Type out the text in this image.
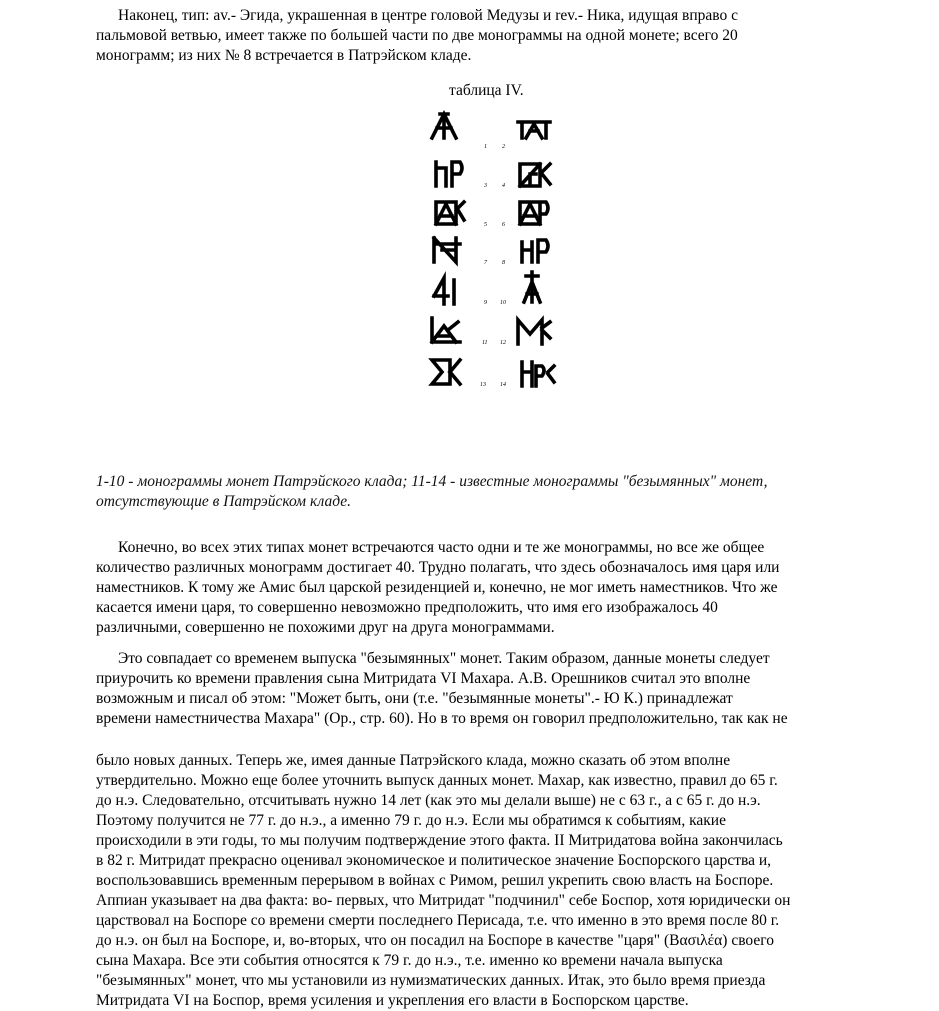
Наконец, тип: av.- Эгида, украшенная в центре головой Медузы и rev.- Ника, идущая вправо с
пальмовой ветвью, имеет также по большей части по две монограммы на одной монете; всего 20
монограмм; из них № 8 встречается в Патрэйском кладе.
таблица IV.
1	2
3	4
5	6
7	8
9 10
11 12
13 14
1-10 - монограммы монет Патрэйского клада; 11-14 - известные монограммы "безымянных" монет,
отсутствующие в Патрэйском кладе.
Конечно, во всех этих типах монет встречаются часто одни и те же монограммы, но все же общее
количество различных монограмм достигает 40. Трудно полагать, что здесь обозначалось имя царя или
наместников. К тому же Амис был царской резиденцией и, конечно, не мог иметь наместников. Что же
касается имени царя, то совершенно невозможно предположить, что имя его изображалось 40
различными, совершенно не похожими друг на друга монограммами.
Это совпадает со временем выпуска "безымянных" монет. Таким образом, данные монеты следует
приурочить ко времени правления сына Митридата VI Махара. А.В. Орешников считал это вполне
возможным и писал об этом: "Может быть, они (т.е. "безымянные монеты".- Ю К.) принадлежат
времени наместничества Махара" (Ор., стр. 60). Но в то время он говорил предположительно, так как не
было новых данных. Теперь же, имея данные Патрэйского клада, можно сказать об этом вполне
утвердительно. Можно еще более уточнить выпуск данных монет. Махар, как известно, правил до 65 г.
до н.э. Следовательно, отсчитывать нужно 14 лет (как это мы делали выше) не с 63 г., а с 65 г. до н.э.
Поэтому получится не 77 г. до н.э., а именно 79 г. до н.э. Если мы обратимся к событиям, какие
происходили в эти годы, то мы получим подтверждение этого факта. II Митридатова война закончилась
в 82 г. Митридат прекрасно оценивал экономическое и политическое значение Боспорского царства и,
воспользовавшись временным перерывом в войнах с Римом, решил укрепить свою власть на Боспоре.
Аппиан указывает на два факта: во- первых, что Митридат "подчинил" себе Боспор, хотя юридически он
царствовал на Боспоре со времени смерти последнего Перисада, т.е. что именно в это время после 80 г.
до н.э. он был на Боспоре, и, во-вторых, что он посадил на Боспоре в качестве "царя" (Βασιλέα) своего
сына Махара. Все эти события относятся к 79 г. до н.э., т.е. именно ко времени начала выпуска
"безымянных" монет, что мы установили из нумизматических данных. Итак, это было время приезда
Митридата VI на Боспор, время усиления и укрепления его власти в Боспорском царстве.
